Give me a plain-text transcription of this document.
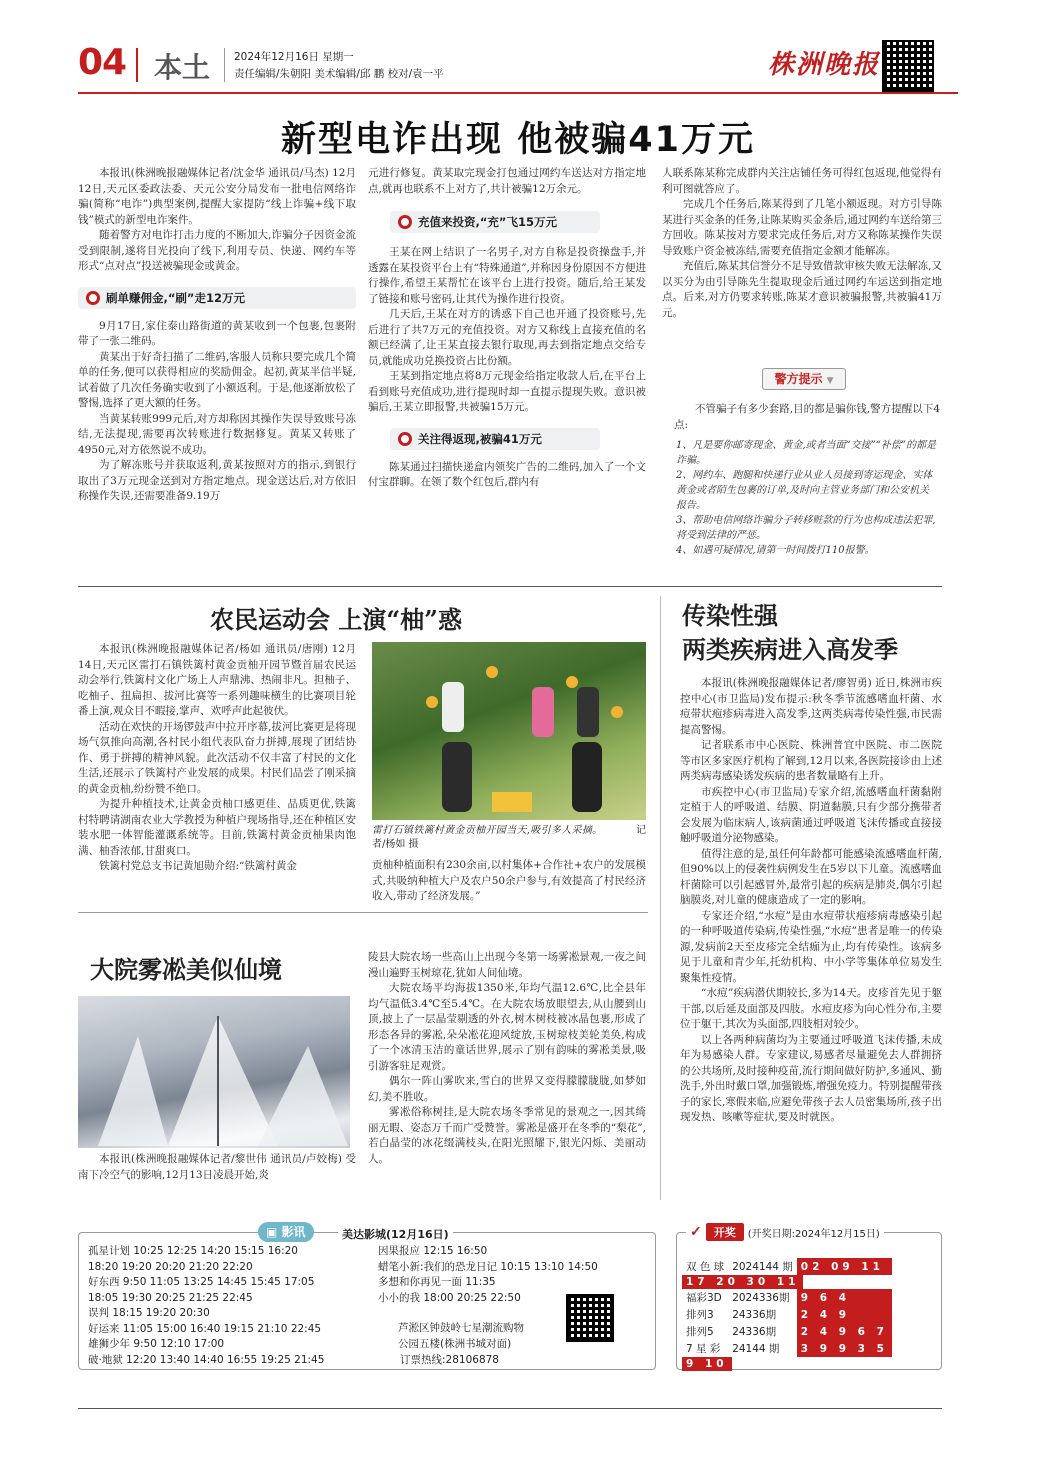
04 本土 2024年12月16日 星期一
责任编辑/朱朝阳 美术编辑/邱 鹏 校对/袁一平	株洲晚报
新型电诈出现 他被骗41万元

本报讯(株洲晚报融媒体记者/沈金华 通讯员/马杰) 12月12日,天元区委政法委、天元公安分局发布一批电信网络诈骗(简称“电诈”)典型案例,提醒大家提防“线上诈骗+线下取钱”模式的新型电诈案件。

随着警方对电诈打击力度的不断加大,诈骗分子因资金流受到限制,遂将目光投向了线下,利用专员、快递、网约车等形式“点对点”投送被骗现金或黄金。

刷单赚佣金,“刷”走12万元

9月17日,家住泰山路街道的黄某收到一个包裹,包裹附带了一张二维码。

黄某出于好奇扫描了二维码,客服人员称只要完成几个简单的任务,便可以获得相应的奖励佣金。起初,黄某半信半疑,试着做了几次任务确实收到了小额返利。于是,他逐渐放松了警惕,选择了更大额的任务。

当黄某转账999元后,对方却称因其操作失误导致账号冻结,无法提现,需要再次转账进行数据修复。黄某又转账了4950元,对方依然说不成功。

为了解冻账号并获取返利,黄某按照对方的指示,到银行取出了3万元现金送到对方指定地点。现金送达后,对方依旧称操作失误,还需要准备9.19万

元进行修复。黄某取完现金打包通过网约车送达对方指定地点,就再也联系不上对方了,共计被骗12万余元。

充值来投资,“充”飞15万元

王某在网上结识了一名男子,对方自称是投资操盘手,并透露在某投资平台上有“特殊通道”,并称因身份原因不方便进行操作,希望王某帮忙在该平台上进行投资。随后,给王某发了链接和账号密码,让其代为操作进行投资。

几天后,王某在对方的诱惑下自己也开通了投资账号,先后进行了共7万元的充值投资。对方又称线上直接充值的名额已经满了,让王某直接去银行取现,再去到指定地点交给专员,就能成功兑换投资占比份额。

王某到指定地点将8万元现金给指定收款人后,在平台上看到账号充值成功,进行提现时却一直提示提现失败。意识被骗后,王某立即报警,共被骗15万元。

关注得返现,被骗41万元

陈某通过扫描快递盒内领奖广告的二维码,加入了一个文付宝群聊。在领了数个红包后,群内有

人联系陈某称完成群内关注店铺任务可得红包返现,他觉得有利可图就答应了。

完成几个任务后,陈某得到了几笔小额返现。对方引导陈某进行买金条的任务,让陈某购买金条后,通过网约车送给第三方回收。陈某按对方要求完成任务后,对方又称陈某操作失误导致账户资金被冻结,需要充值指定金额才能解冻。

充值后,陈某其信誉分不足导致借款审核失败无法解冻,又以买分为由引导陈先生提取现金后通过网约车运送到指定地点。后来,对方仍要求转账,陈某才意识被骗报警,共被骗41万元。

警方提示 ▼

不管骗子有多少套路,目的都是骗你钱,警方提醒以下4点:

1、凡是要你邮寄现金、黄金,或者当面“交接”“补偿”的都是诈骗。
2、网约车、跑腿和快递行业从业人员接到寄运现金、实体黄金或者陌生包裹的订单,及时向主管业务部门和公安机关报告。
3、帮助电信网络诈骗分子转移赃款的行为也构成违法犯罪,将受到法律的严惩。
4、如遇可疑情况,请第一时间拨打110报警。
农民运动会 上演“柚”惑

本报讯(株洲晚报融媒体记者/杨如 通讯员/唐刚) 12月14日,天元区雷打石镇铁篱村黄金贡柚开园节暨首届农民运动会举行,铁篱村文化广场上人声鼎沸、热闹非凡。担柚子、吃柚子、扭扁担、拔河比赛等一系列趣味横生的比赛项目轮番上演,观众目不暇接,掌声、欢呼声此起彼伏。

活动在欢快的开场锣鼓声中拉开序幕,拔河比赛更是将现场气氛推向高潮,各村民小组代表队奋力拼搏,展现了团结协作、勇于拼搏的精神风貌。此次活动不仅丰富了村民的文化生活,还展示了铁篱村产业发展的成果。村民们品尝了刚采摘的黄金贡柚,纷纷赞不绝口。

为提升种植技术,让黄金贡柚口感更佳、品质更优,铁篱村特聘请湖南农业大学教授为种植户现场指导,还在种植区安装水肥一体智能灌溉系统等。目前,铁篱村黄金贡柚果肉饱满、柚香浓郁,甘甜爽口。

铁篱村党总支书记黄旭勋介绍:“铁篱村黄金

雷打石镇铁篱村黄金贡柚开园当天,吸引多人采摘。	记者/杨如 摄

贡柚种植面积有230余亩,以村集体+合作社+农户的发展模式,共吸纳种植大户及农户50余户参与,有效提高了村民经济收入,带动了经济发展。”

传染性强
两类疾病进入高发季

本报讯(株洲晚报融媒体记者/廖智勇) 近日,株洲市疾控中心(市卫监局)发布提示:秋冬季节流感嗜血杆菌、水痘带状疱疹病毒进入高发季,这两类病毒传染性强,市民需提高警惕。

记者联系市中心医院、株洲普宜中医院、市二医院等市区多家医疗机构了解到,12月以来,各医院接诊由上述两类病毒感染诱发疾病的患者数量略有上升。

市疾控中心(市卫监局)专家介绍,流感嗜血杆菌黏附定植于人的呼吸道、结膜、阴道黏膜,只有少部分携带者会发展为临床病人,该病菌通过呼吸道飞沫传播或直接接触呼吸道分泌物感染。

值得注意的是,虽任何年龄都可能感染流感嗜血杆菌,但90%以上的侵袭性病例发生在5岁以下儿童。流感嗜血杆菌除可以引起感冒外,最常引起的疾病是肺炎,偶尔引起脑膜炎,对儿童的健康造成了一定的影响。

专家还介绍,“水痘”是由水痘带状疱疹病毒感染引起的一种呼吸道传染病,传染性强,“水痘”患者是唯一的传染源,发病前2天至皮疹完全结痂为止,均有传染性。该病多见于儿童和青少年,托幼机构、中小学等集体单位易发生聚集性疫情。

“水痘”疾病潜伏期较长,多为14天。皮疹首先见于躯干部,以后延及面部及四肢。水痘皮疹为向心性分布,主要位于躯干,其次为头面部,四肢相对较少。

以上各两种病菌均为主要通过呼吸道飞沫传播,未成年为易感染人群。专家建议,易感者尽量避免去人群拥挤的公共场所,及时接种疫苗,流行期间做好防护,多通风、勤洗手,外出时戴口罩,加强锻炼,增强免疫力。特别提醒带孩子的家长,寒假来临,应避免带孩子去人员密集场所,孩子出现发热、咳嗽等症状,要及时就医。

大院雾凇美似仙境

本报讯(株洲晚报融媒体记者/黎世伟 通讯员/卢姣梅) 受南下冷空气的影响,12月13日凌晨开始,炎

陵县大院农场一些高山上出现今冬第一场雾凇景观,一夜之间漫山遍野玉树琼花,犹如人间仙境。

大院农场平均海拔1350米,年均气温12.6℃,比全县年均气温低3.4℃至5.4℃。在大院农场放眼望去,从山腰到山顶,披上了一层晶莹剔透的外衣,树木树枝被冰晶包裹,形成了形态各异的雾凇,朵朵凇花迎风绽放,玉树琼枝美轮美奂,构成了一个冰清玉洁的童话世界,展示了别有韵味的雾凇美景,吸引游客驻足观赏。

偶尔一阵山雾吹来,雪白的世界又变得朦朦胧胧,如梦如幻,美不胜收。

雾凇俗称树挂,是大院农场冬季常见的景观之一,因其绮丽无暇、姿态万千而广受赞誉。雾凇是盛开在冬季的“梨花”,若白晶莹的冰花缀满枝头,在阳光照耀下,银光闪烁、美丽动人。

▣ 影讯	美达影城(12月16日)
孤星计划 10:25 12:25 14:20 15:15 16:20
18:20 19:20 20:20 21:20 22:20
好东西 9:50 11:05 13:25 14:45 15:45 17:05
18:05 19:30 20:25 21:25 22:45
误判 18:15 19:20 20:30
好运来 11:05 15:00 16:40 19:15 21:10 22:45
雄狮少年 9:50 12:10 17:00
破·地狱 12:20 13:40 14:40 16:55 19:25 21:45
因果报应 12:15 16:50
蜡笔小新:我们的恐龙日记 10:15 13:10 14:50
多想和你再见一面 11:35
小小的我 18:00 20:25 22:50
芦淞区钟鼓岭七星潮流购物
公园五楼(株洲书城对面)
订票热线:28106878
✓	开奖	(开奖日期:2024年12月15日)
双 色 球	2024144 期	02 09 11
17 20 30 11		
福彩3D	2024336期	9 6 4
排列3	24336期	2 4 9
排列5	24336期	2 4 9 6 7
7 星 彩	24144 期	3 9 9 3 5
9 10		
